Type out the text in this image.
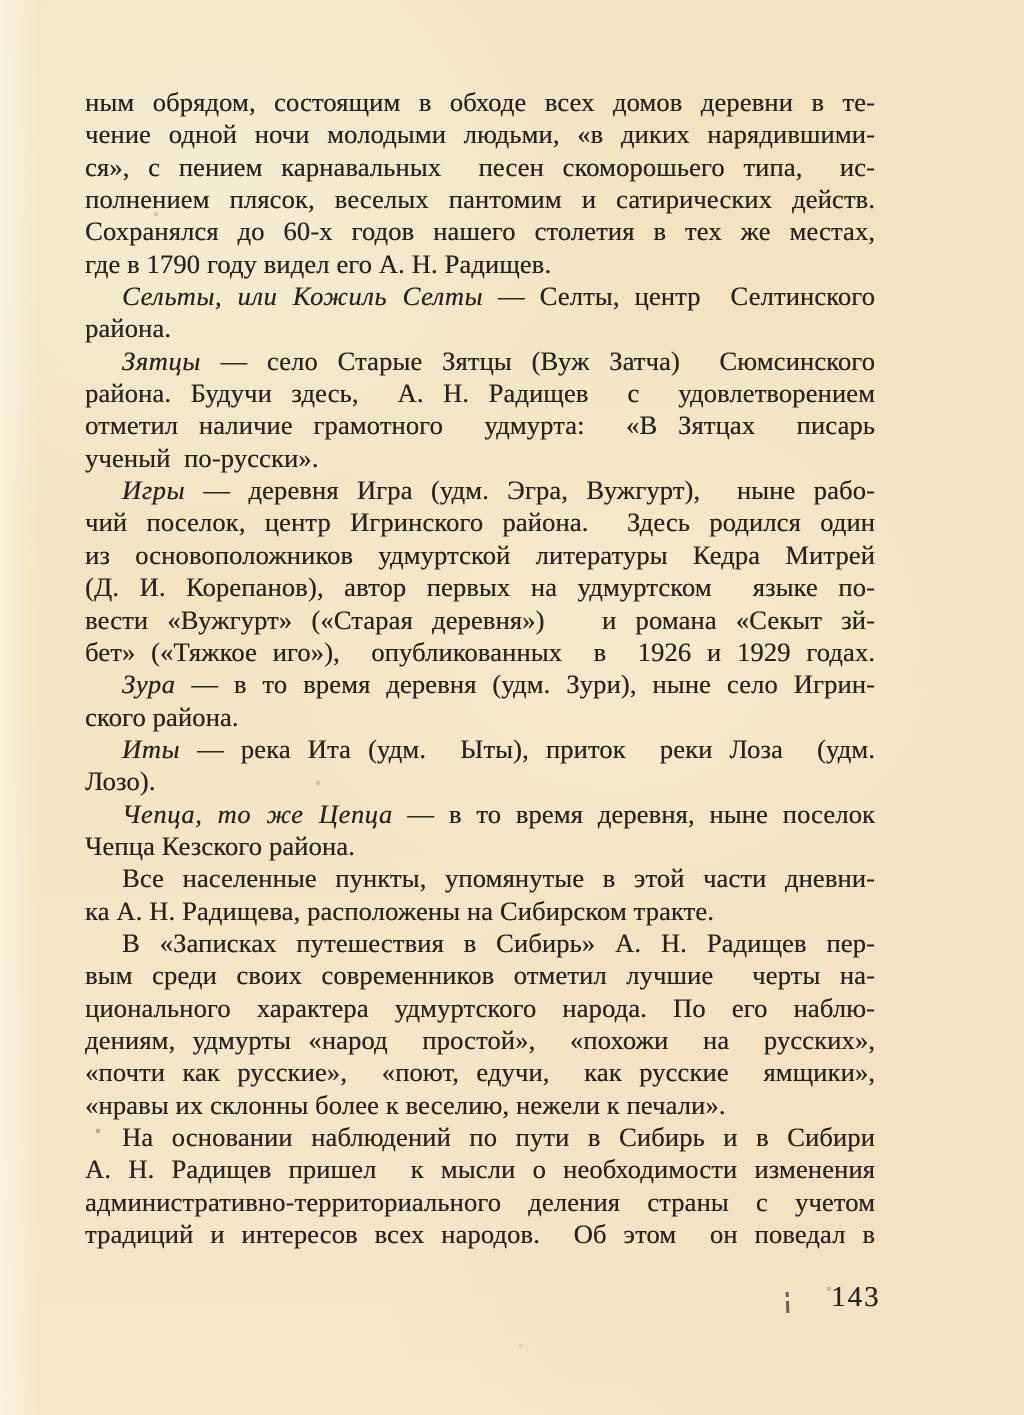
ным обрядом, состоящим в обходе всех домов деревни в те-
чение одной ночи молодыми людьми, «в диких нарядившими-
ся», с пением карнавальных  песен скоморошьего типа,  ис-
полнением плясок, веселых пантомим и сатирических действ.
Сохранялся до 60-х годов нашего столетия в тех же местах,
где в 1790 году видел его А. Н. Радищев.
Сельты, или Кожиль Селты — Селты, центр  Селтинского
района.
Зятцы — село Старые Зятцы (Вуж Затча)  Сюмсинского
района. Будучи здесь,  А. Н. Радищев  с  удовлетворением
отметил наличие грамотного  удмурта:  «В Зятцах  писарь
ученый  по-русски».
Игры — деревня Игра (удм. Эгра, Вужгурт),  ныне рабо-
чий поселок, центр Игринского района.  Здесь родился один
из основоположников удмуртской литературы Кедра Митрей
(Д. И. Корепанов), автор первых на удмуртском  языке по-
вести «Вужгурт» («Старая деревня»)   и романа «Секыт зй-
бет» («Тяжкое иго»),  опубликованных  в  1926 и 1929 годах.
Зура — в то время деревня (удм. Зури), ныне село Игрин-
ского района.
Иты — река Ита (удм.  Ыты), приток  реки Лоза  (удм.
Лозо).
Чепца, то же Цепца — в то время деревня, ныне поселок
Чепца Кезского района.
Все населенные пункты, упомянутые в этой части дневни-
ка А. Н. Радищева, расположены на Сибирском тракте.
В «Записках путешествия в Сибирь» А. Н. Радищев пер-
вым среди своих современников отметил лучшие  черты на-
ционального характера удмуртского народа. По его наблю-
дениям, удмурты «народ  простой»,  «похожи  на  русских»,
«почти как русские»,  «поют, едучи,  как русские  ямщики»,
«нравы их склонны более к веселию, нежели к печали».
На основании наблюдений по пути в Сибирь и в Сибири
А. Н. Радищев пришел  к мысли о необходимости изменения
административно-территориального деления страны с учетом
традиций и интересов всех народов.  Об этом  он поведал в
143
